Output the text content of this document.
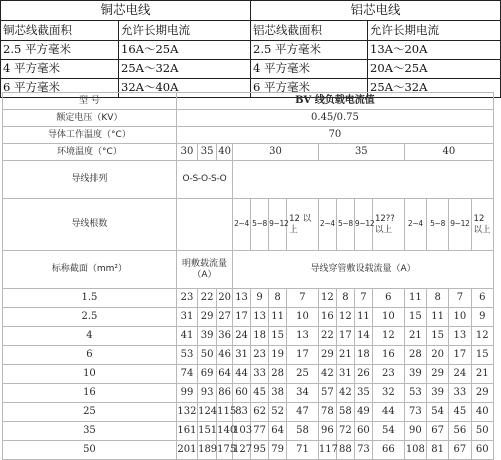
铜芯电线		铝芯电线	
铜芯线截面积	允许长期电流	铝芯线截面积	允许长期电流
2.5 平方毫米	16A～25A	2.5 平方毫米	13A～20A
4 平方毫米	25A～32A	4 平方毫米	20A～25A
6 平方毫米	32A～40A	6 平方毫米	25A～32A
型 号	BV 线负载电流值														
额定电压（KV）	0.45/0.75														
导体工作温度（°C）	70														
环境温度（°C）	30	35	40	30				35				40			
导线排列	O-S-O-S-O														
导线根数				2~4	5~8	9~12	12 以上	2~4	5~8	9~12	12?? 以上	2~4	5~8	9~12	12 以上
标称截面（mm²）	明敷载流量（A）			导线穿管敷设载流量（A）											
1.5	23	22	20	13	9	8	7	12	8	7	6	11	8	7	6
2.5	31	29	27	17	13	11	10	16	12	11	10	15	11	10	9
4	41	39	36	24	18	15	13	22	17	14	12	21	15	13	12
6	53	50	46	31	23	19	17	29	21	18	16	28	20	17	15
10	74	69	64	44	33	28	25	42	31	26	23	39	29	24	21
16	99	93	86	60	45	38	34	57	42	35	32	53	39	33	29
25	132	124	115	83	62	52	47	78	58	49	44	73	54	45	40
35	161	151	140	103	77	64	58	96	72	60	54	90	67	56	50
50	201	189	175	127	95	79	71	117	88	73	66	108	81	67	60
